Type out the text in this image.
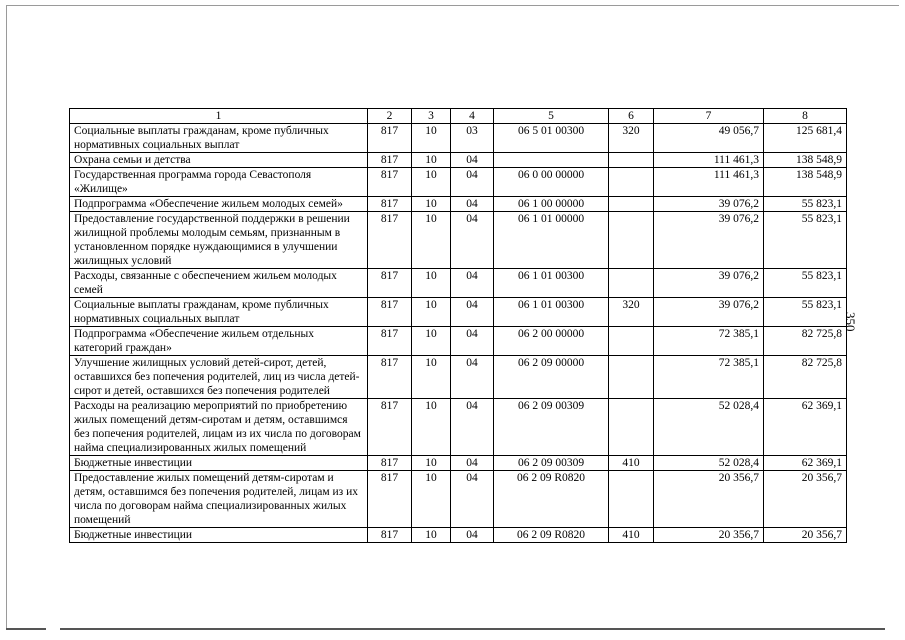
350
1	2	3	4	5	6	7	8
Социальные выплаты гражданам, кроме публичных нормативных социальных выплат	817	10	03	06 5 01 00300	320	49 056,7	125 681,4
Охрана семьи и детства	817	10	04			111 461,3	138 548,9
Государственная программа города Севастополя «Жилище»	817	10	04	06 0 00 00000		111 461,3	138 548,9
Подпрограмма «Обеспечение жильем молодых семей»	817	10	04	06 1 00 00000		39 076,2	55 823,1
Предоставление государственной поддержки в решении жилищной проблемы молодым семьям, признанным в установленном порядке нуждающимися в улучшении жилищных условий	817	10	04	06 1 01 00000		39 076,2	55 823,1
Расходы, связанные с обеспечением жильем молодых семей	817	10	04	06 1 01 00300		39 076,2	55 823,1
Социальные выплаты гражданам, кроме публичных нормативных социальных выплат	817	10	04	06 1 01 00300	320	39 076,2	55 823,1
Подпрограмма «Обеспечение жильем отдельных категорий граждан»	817	10	04	06 2 00 00000		72 385,1	82 725,8
Улучшение жилищных условий детей-сирот, детей, оставшихся без попечения родителей, лиц из числа детей-сирот и детей, оставшихся без попечения родителей	817	10	04	06 2 09 00000		72 385,1	82 725,8
Расходы на реализацию мероприятий по приобретению жилых помещений детям-сиротам и детям, оставшимся без попечения родителей, лицам из их числа по договорам найма специализированных жилых помещений	817	10	04	06 2 09 00309		52 028,4	62 369,1
Бюджетные инвестиции	817	10	04	06 2 09 00309	410	52 028,4	62 369,1
Предоставление жилых помещений детям-сиротам и детям, оставшимся без попечения родителей, лицам из их числа по договорам найма специализированных жилых помещений	817	10	04	06 2 09 R0820		20 356,7	20 356,7
Бюджетные инвестиции	817	10	04	06 2 09 R0820	410	20 356,7	20 356,7
